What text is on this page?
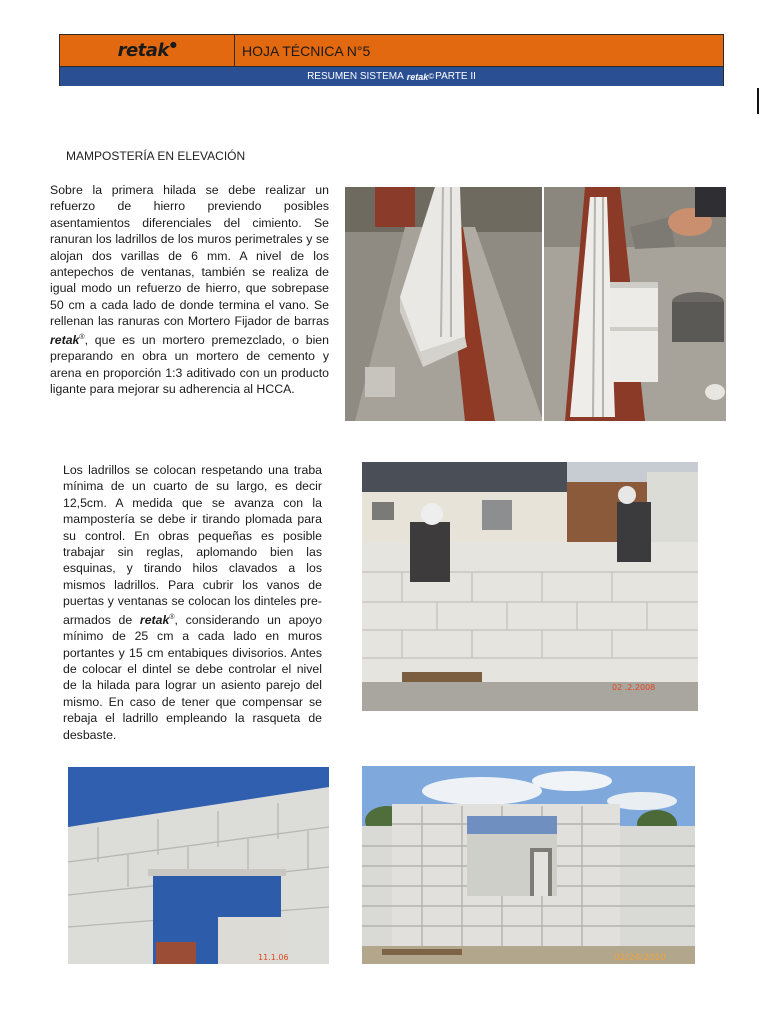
retak●	HOJA TÉCNICA N°5
RESUMEN SISTEMA retak © PARTE II
MAMPOSTERÍA EN ELEVACIÓN
Sobre la primera hilada se debe realizar un refuerzo de hierro previendo posibles asentamientos diferenciales del cimiento. Se ranuran los ladrillos de los muros perimetrales y se alojan dos varillas de 6 mm. A nivel de los antepechos de ventanas, también se realiza de igual modo un refuerzo de hierro, que sobrepase 50 cm a cada lado de donde termina el vano. Se rellenan las ranuras con Mortero Fijador de barras retak®, que es un mortero premezclado, o bien preparando en obra un mortero de cemento y arena en proporción 1:3 aditivado con un producto ligante para mejorar su adherencia al HCCA.
Los ladrillos se colocan respetando una traba mínima de un cuarto de su largo, es decir 12,5cm. A medida que se avanza con la mampostería se debe ir tirando plomada para su control. En obras pequeñas es posible trabajar sin reglas, aplomando bien las esquinas, y tirando hilos clavados a los mismos ladrillos. Para cubrir los vanos de puertas y ventanas se colocan los dinteles pre-armados de retak®, considerando un apoyo mínimo de 25 cm a cada lado en muros portantes y 15 cm entabiques divisorios. Antes de colocar el dintel se debe controlar el nivel de la hilada para lograr un asiento parejo del mismo. En caso de tener que compensar se rebaja el ladrillo empleando la rasqueta de desbaste.
02 .2.2008
11.1.06	02/24/2010
